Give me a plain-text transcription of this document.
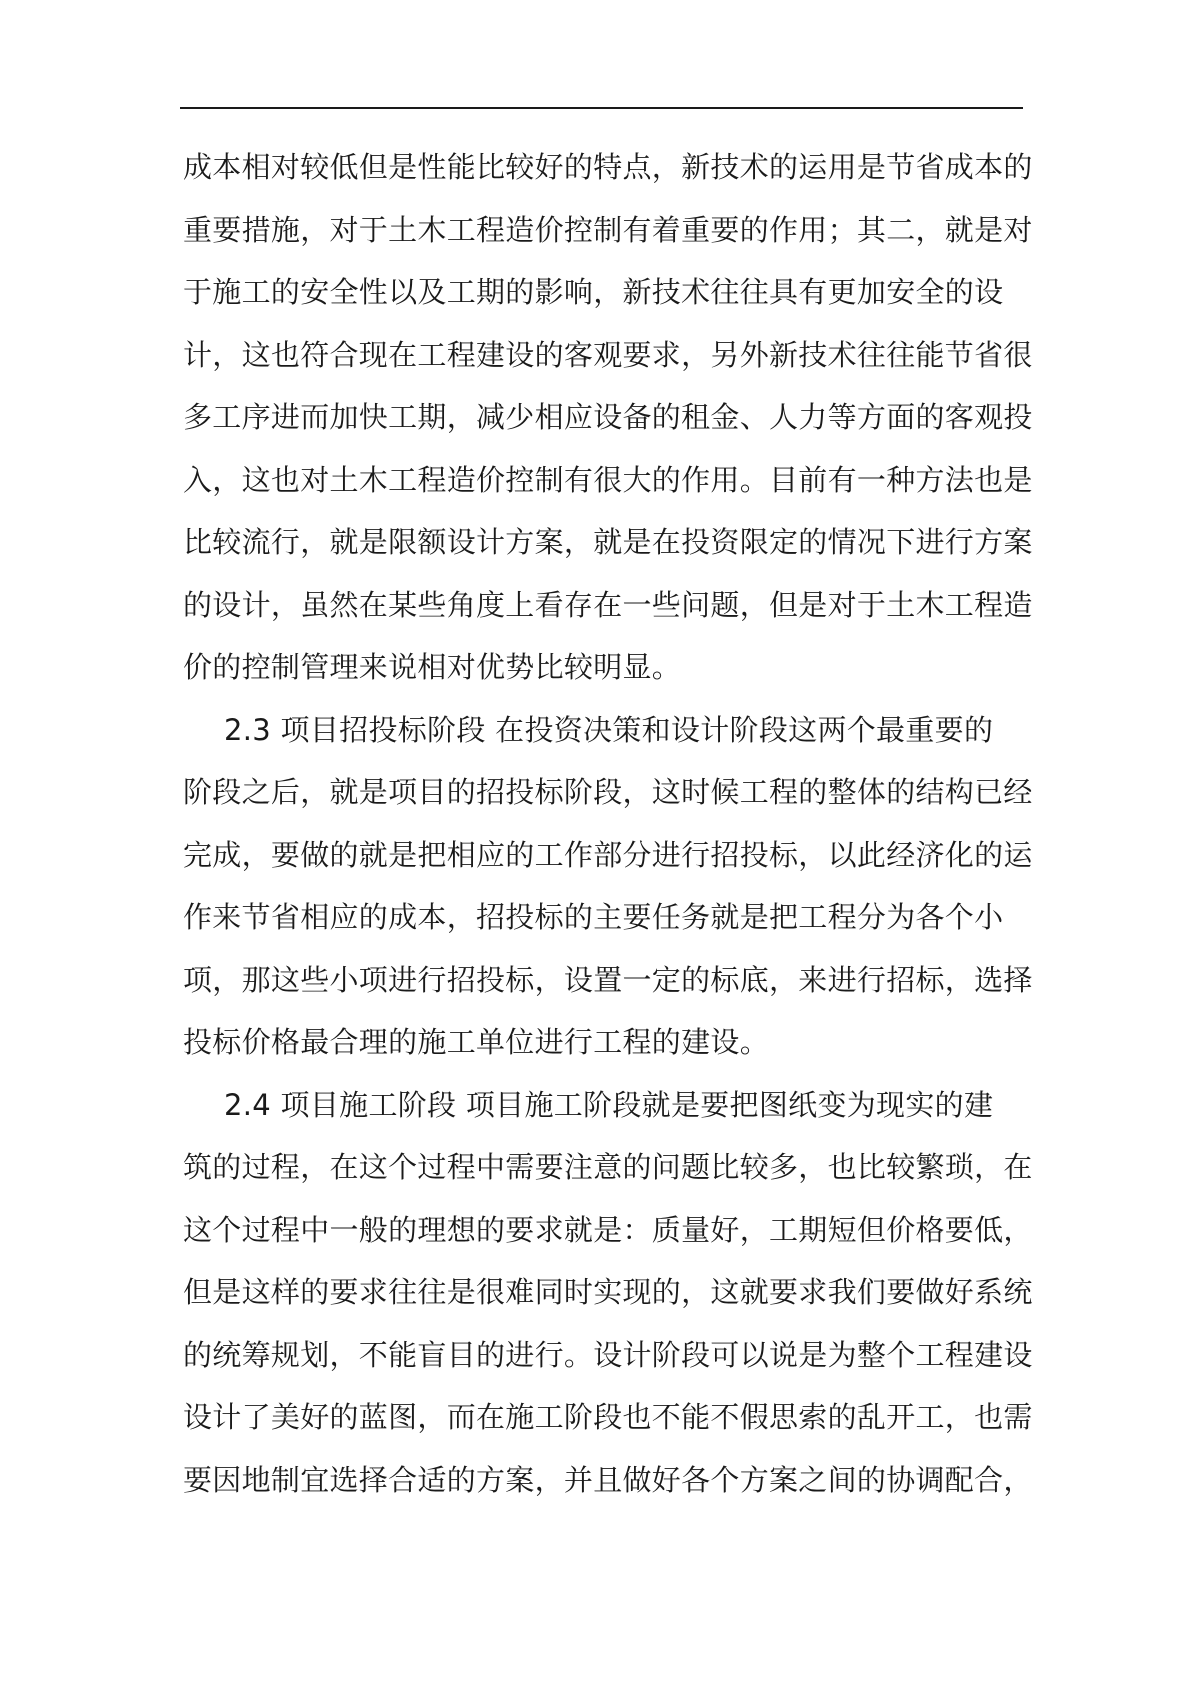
成本相对较低但是性能比较好的特点，新技术的运用是节省成本的
重要措施，对于土木工程造价控制有着重要的作用；其二，就是对
于施工的安全性以及工期的影响，新技术往往具有更加安全的设
计，这也符合现在工程建设的客观要求，另外新技术往往能节省很
多工序进而加快工期，减少相应设备的租金、人力等方面的客观投
入，这也对土木工程造价控制有很大的作用。目前有一种方法也是
比较流行，就是限额设计方案，就是在投资限定的情况下进行方案
的设计，虽然在某些角度上看存在一些问题，但是对于土木工程造
价的控制管理来说相对优势比较明显。
2.3 项目招投标阶段 在投资决策和设计阶段这两个最重要的
阶段之后，就是项目的招投标阶段，这时候工程的整体的结构已经
完成，要做的就是把相应的工作部分进行招投标，以此经济化的运
作来节省相应的成本，招投标的主要任务就是把工程分为各个小
项，那这些小项进行招投标，设置一定的标底，来进行招标，选择
投标价格最合理的施工单位进行工程的建设。
2.4 项目施工阶段 项目施工阶段就是要把图纸变为现实的建
筑的过程，在这个过程中需要注意的问题比较多，也比较繁琐，在
这个过程中一般的理想的要求就是：质量好，工期短但价格要低，
但是这样的要求往往是很难同时实现的，这就要求我们要做好系统
的统筹规划，不能盲目的进行。设计阶段可以说是为整个工程建设
设计了美好的蓝图，而在施工阶段也不能不假思索的乱开工，也需
要因地制宜选择合适的方案，并且做好各个方案之间的协调配合，
